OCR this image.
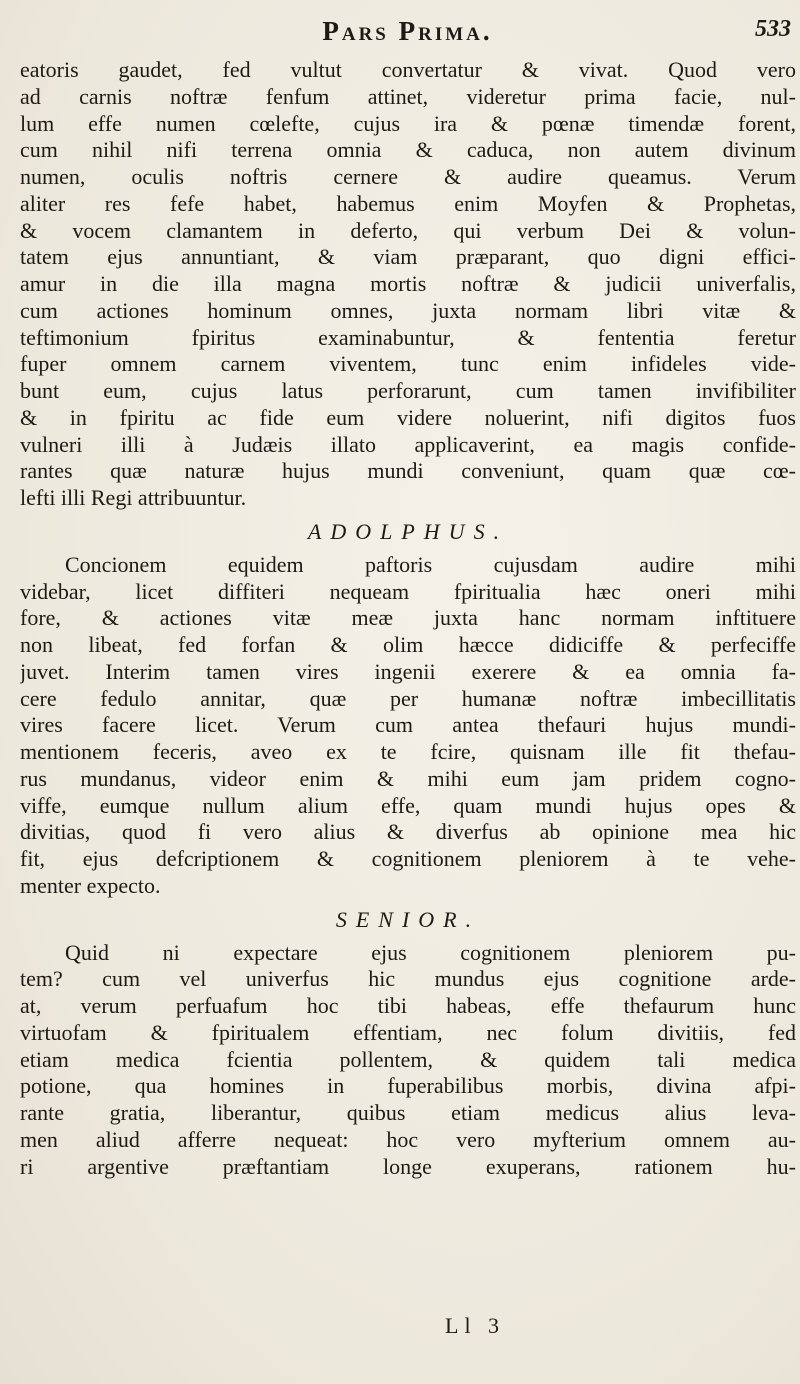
Pars Prima.	533
eatoris gaudet, fed vultut convertatur & vivat. Quod vero
ad carnis noftræ fenfum attinet, videretur prima facie, nul-
lum effe numen cœlefte, cujus ira & pœnæ timendæ forent,
cum nihil nifi terrena omnia & caduca, non autem divinum
numen, oculis noftris cernere & audire queamus. Verum
aliter res fefe habet, habemus enim Moyfen & Prophetas,
& vocem clamantem in deferto, qui verbum Dei & volun-
tatem ejus annuntiant, & viam præparant, quo digni effici-
amur in die illa magna mortis noftræ & judicii univerfalis,
cum actiones hominum omnes, juxta normam libri vitæ &
teftimonium fpiritus examinabuntur, & fententia feretur
fuper omnem carnem viventem, tunc enim infideles vide-
bunt eum, cujus latus perforarunt, cum tamen invifibiliter
& in fpiritu ac fide eum videre noluerint, nifi digitos fuos
vulneri illi à Judæis illato applicaverint, ea magis confide-
rantes quæ naturæ hujus mundi conveniunt, quam quæ cœ-
lefti illi Regi attribuuntur.
ADOLPHUS.
Concionem equidem paftoris cujusdam audire mihi
videbar, licet diffiteri nequeam fpiritualia hæc oneri mihi
fore, & actiones vitæ meæ juxta hanc normam inftituere
non libeat, fed forfan & olim hæcce didiciffe & perfeciffe
juvet. Interim tamen vires ingenii exerere & ea omnia fa-
cere fedulo annitar, quæ per humanæ noftræ imbecillitatis
vires facere licet. Verum cum antea thefauri hujus mundi-
mentionem feceris, aveo ex te fcire, quisnam ille fit thefau-
rus mundanus, videor enim & mihi eum jam pridem cogno-
viffe, eumque nullum alium effe, quam mundi hujus opes &
divitias, quod fi vero alius & diverfus ab opinione mea hic
fit, ejus defcriptionem & cognitionem pleniorem à te vehe-
menter expecto.
SENIOR.
Quid ni expectare ejus cognitionem pleniorem pu-
tem? cum vel univerfus hic mundus ejus cognitione arde-
at, verum perfuafum hoc tibi habeas, effe thefaurum hunc
virtuofam & fpiritualem effentiam, nec folum divitiis, fed
etiam medica fcientia pollentem, & quidem tali medica
potione, qua homines in fuperabilibus morbis, divina afpi-
rante gratia, liberantur, quibus etiam medicus alius leva-
men aliud afferre nequeat: hoc vero myfterium omnem au-
ri argentive præftantiam longe exuperans, rationem hu-
Ll 3
